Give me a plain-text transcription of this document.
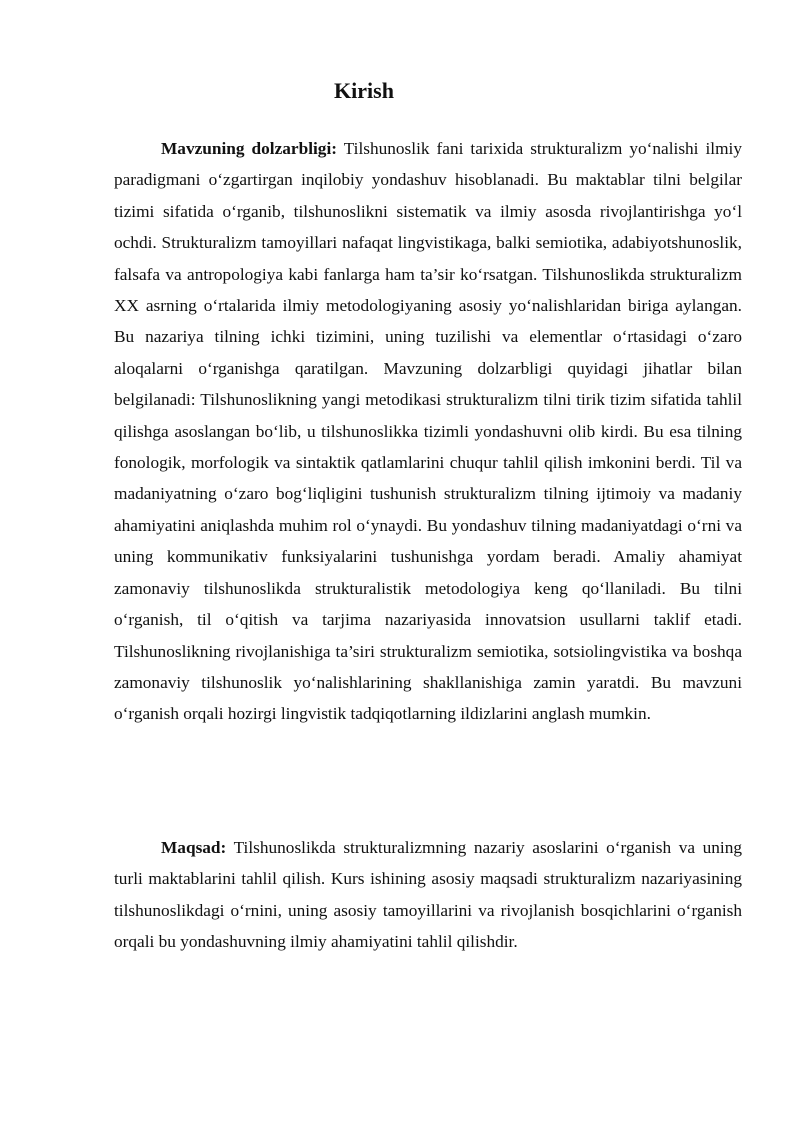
Kirish

Mavzuning dolzarbligi: Tilshunoslik fani tarixida strukturalizm yo‘nalishi ilmiy paradigmani o‘zgartirgan inqilobiy yondashuv hisoblanadi. Bu maktablar tilni belgilar tizimi sifatida o‘rganib, tilshunoslikni sistematik va ilmiy asosda rivojlantirishga yo‘l ochdi. Strukturalizm tamoyillari nafaqat lingvistikaga, balki semiotika, adabiyotshunoslik, falsafa va antropologiya kabi fanlarga ham ta’sir ko‘rsatgan. Tilshunoslikda strukturalizm XX asrning o‘rtalarida ilmiy metodologiyaning asosiy yo‘nalishlaridan biriga aylangan. Bu nazariya tilning ichki tizimini, uning tuzilishi va elementlar o‘rtasidagi o‘zaro aloqalarni o‘rganishga qaratilgan. Mavzuning dolzarbligi quyidagi jihatlar bilan belgilanadi: Tilshunoslikning yangi metodikasi strukturalizm tilni tirik tizim sifatida tahlil qilishga asoslangan bo‘lib, u tilshunoslikka tizimli yondashuvni olib kirdi. Bu esa tilning fonologik, morfologik va sintaktik qatlamlarini chuqur tahlil qilish imkonini berdi. Til va madaniyatning o‘zaro bog‘liqligini tushunish strukturalizm tilning ijtimoiy va madaniy ahamiyatini aniqlashda muhim rol o‘ynaydi. Bu yondashuv tilning madaniyatdagi o‘rni va uning kommunikativ funksiyalarini tushunishga yordam beradi. Amaliy ahamiyat zamonaviy tilshunoslikda strukturalistik metodologiya keng qo‘llaniladi. Bu tilni o‘rganish, til o‘qitish va tarjima nazariyasida innovatsion usullarni taklif etadi. Tilshunoslikning rivojlanishiga ta’siri strukturalizm semiotika, sotsiolingvistika va boshqa zamonaviy tilshunoslik yo‘nalishlarining shakllanishiga zamin yaratdi. Bu mavzuni o‘rganish orqali hozirgi lingvistik tadqiqotlarning ildizlarini anglash mumkin.

Maqsad: Tilshunoslikda strukturalizmning nazariy asoslarini o‘rganish va uning turli maktablarini tahlil qilish. Kurs ishining asosiy maqsadi strukturalizm nazariyasining tilshunoslikdagi o‘rnini, uning asosiy tamoyillarini va rivojlanish bosqichlarini o‘rganish orqali bu yondashuvning ilmiy ahamiyatini tahlil qilishdir.
